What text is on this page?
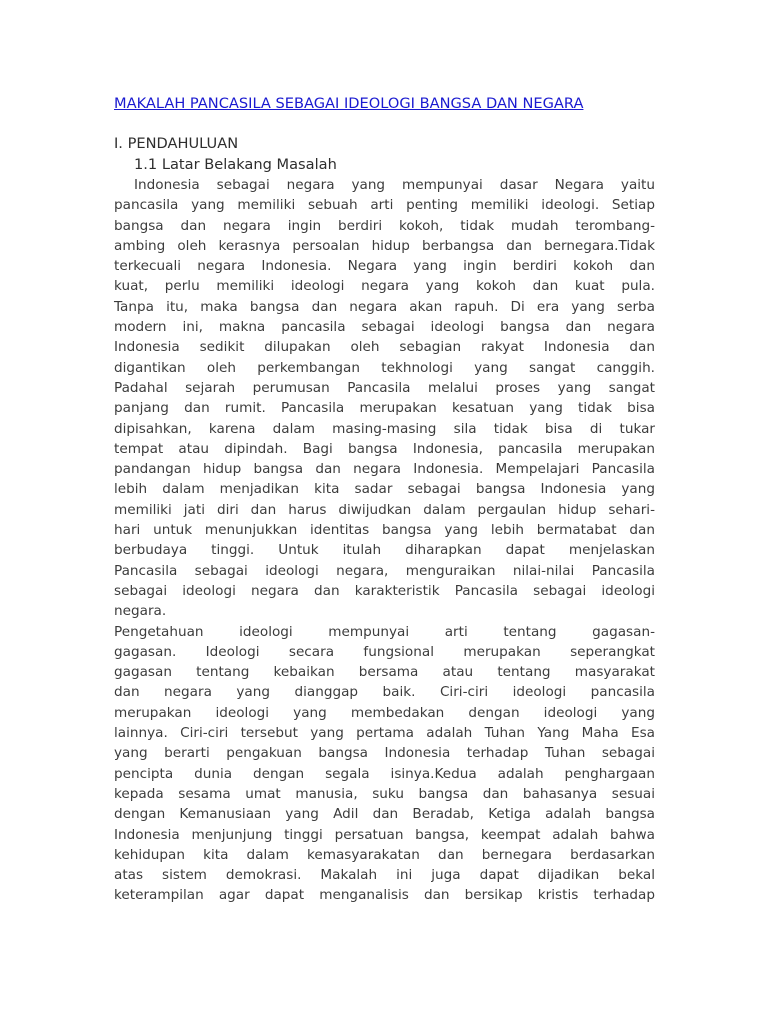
MAKALAH PANCASILA SEBAGAI IDEOLOGI BANGSA DAN NEGARA
I. PENDAHULUAN
1.1 Latar Belakang Masalah
Indonesia sebagai negara yang mempunyai dasar Negara yaitu
pancasila yang memiliki sebuah arti penting memiliki ideologi. Setiap
bangsa dan negara ingin berdiri kokoh, tidak mudah terombang-
ambing oleh kerasnya persoalan hidup berbangsa dan bernegara.Tidak
terkecuali negara Indonesia. Negara yang ingin berdiri kokoh dan
kuat, perlu memiliki ideologi negara yang kokoh dan kuat pula.
Tanpa itu, maka bangsa dan negara akan rapuh. Di era yang serba
modern ini, makna pancasila sebagai ideologi bangsa dan negara
Indonesia sedikit dilupakan oleh sebagian rakyat Indonesia dan
digantikan oleh perkembangan tekhnologi yang sangat canggih.
Padahal sejarah perumusan Pancasila melalui proses yang sangat
panjang dan rumit. Pancasila merupakan kesatuan yang tidak bisa
dipisahkan, karena dalam masing-masing sila tidak bisa di tukar
tempat atau dipindah. Bagi bangsa Indonesia, pancasila merupakan
pandangan hidup bangsa dan negara Indonesia. Mempelajari Pancasila
lebih dalam menjadikan kita sadar sebagai bangsa Indonesia yang
memiliki jati diri dan harus diwijudkan dalam pergaulan hidup sehari-
hari untuk menunjukkan identitas bangsa yang lebih bermatabat dan
berbudaya tinggi. Untuk itulah diharapkan dapat menjelaskan
Pancasila sebagai ideologi negara, menguraikan nilai-nilai Pancasila
sebagai ideologi negara dan karakteristik Pancasila sebagai ideologi
negara.
Pengetahuan ideologi mempunyai arti tentang gagasan-
gagasan. Ideologi secara fungsional merupakan seperangkat
gagasan tentang kebaikan bersama atau tentang masyarakat
dan negara yang dianggap baik. Ciri-ciri ideologi pancasila
merupakan ideologi yang membedakan dengan ideologi yang
lainnya. Ciri-ciri tersebut yang pertama adalah Tuhan Yang Maha Esa
yang berarti pengakuan bangsa Indonesia terhadap Tuhan sebagai
pencipta dunia dengan segala isinya.Kedua adalah penghargaan
kepada sesama umat manusia, suku bangsa dan bahasanya sesuai
dengan Kemanusiaan yang Adil dan Beradab, Ketiga adalah bangsa
Indonesia menjunjung tinggi persatuan bangsa, keempat adalah bahwa
kehidupan kita dalam kemasyarakatan dan bernegara berdasarkan
atas sistem demokrasi. Makalah ini juga dapat dijadikan bekal
keterampilan agar dapat menganalisis dan bersikap kristis terhadap
